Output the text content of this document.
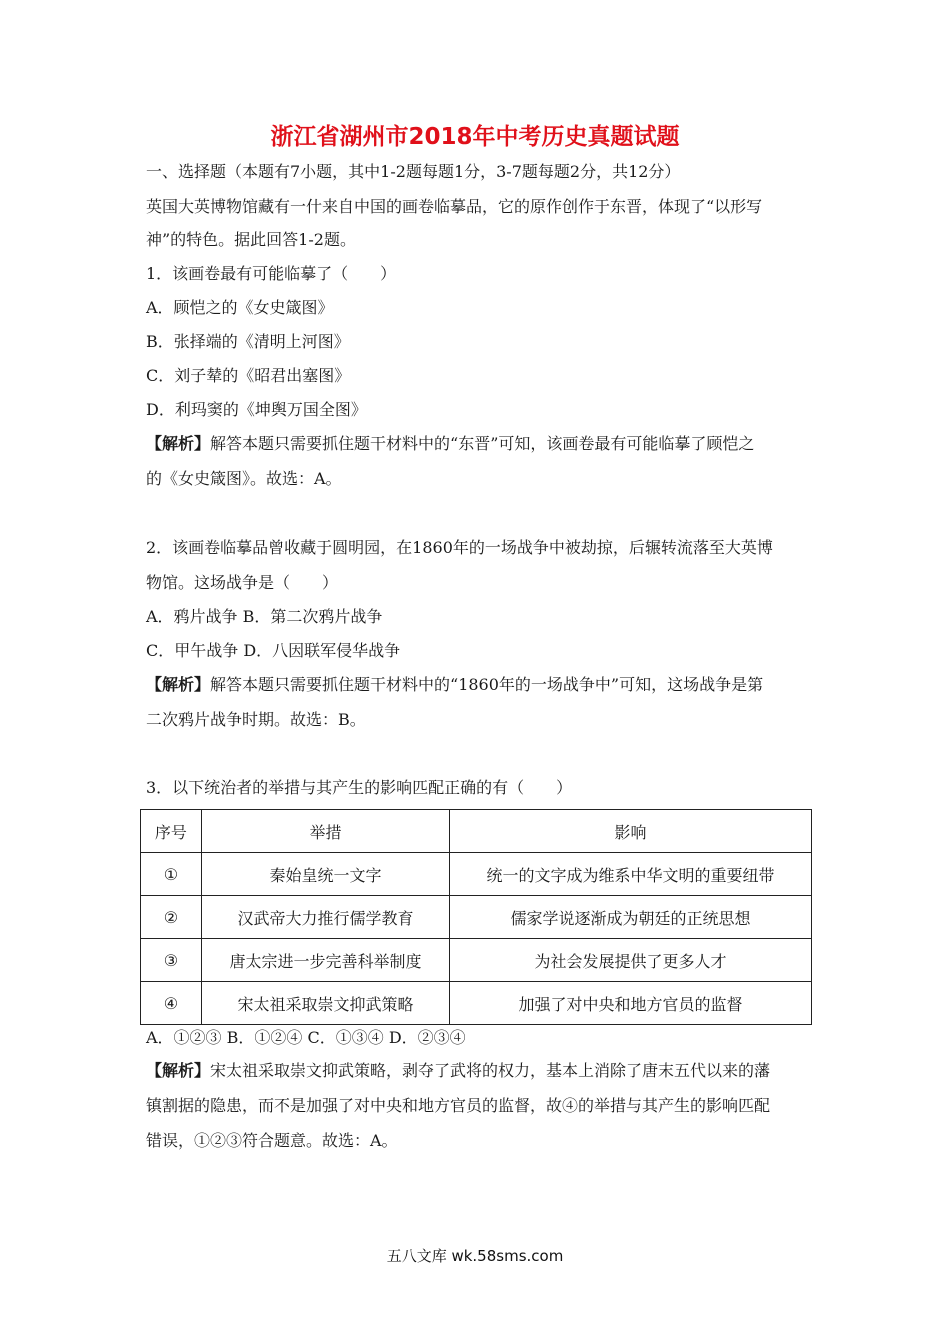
浙江省湖州市2018年中考历史真题试题
一、选择题（本题有7小题，其中1-2题每题1分，3-7题每题2分，共12分）
英国大英博物馆藏有一什来自中国的画卷临摹品，它的原作创作于东晋，体现了“以形写
神”的特色。据此回答1-2题。
1．该画卷最有可能临摹了（　　）
A．顾恺之的《女史箴图》
B．张择端的《清明上河图》
C．刘子辇的《昭君出塞图》
D．利玛窦的《坤舆万国全图》
【解析】解答本题只需要抓住题干材料中的“东晋”可知，该画卷最有可能临摹了顾恺之
的《女史箴图》。故选：A。
2．该画卷临摹品曾收藏于圆明园，在1860年的一场战争中被劫掠，后辗转流落至大英博
物馆。这场战争是（　　）
A．鸦片战争 B．第二次鸦片战争
C．甲午战争 D．八因联军侵华战争
【解析】解答本题只需要抓住题干材料中的“1860年的一场战争中”可知，这场战争是第
二次鸦片战争时期。故选：B。
3．以下统治者的举措与其产生的影响匹配正确的有（　　）
序号	举措	影响
①	秦始皇统一文字	统一的文字成为维系中华文明的重要纽带
②	汉武帝大力推行儒学教育	儒家学说逐渐成为朝廷的正统思想
③	唐太宗进一步完善科举制度	为社会发展提供了更多人才
④	宋太祖采取崇文抑武策略	加强了对中央和地方官员的监督
A．①②③ B．①②④ C．①③④ D．②③④
【解析】宋太祖采取崇文抑武策略，剥夺了武将的权力，基本上消除了唐末五代以来的藩
镇割据的隐患，而不是加强了对中央和地方官员的监督，故④的举措与其产生的影响匹配
错误，①②③符合题意。故选：A。
五八文库 wk.58sms.com
